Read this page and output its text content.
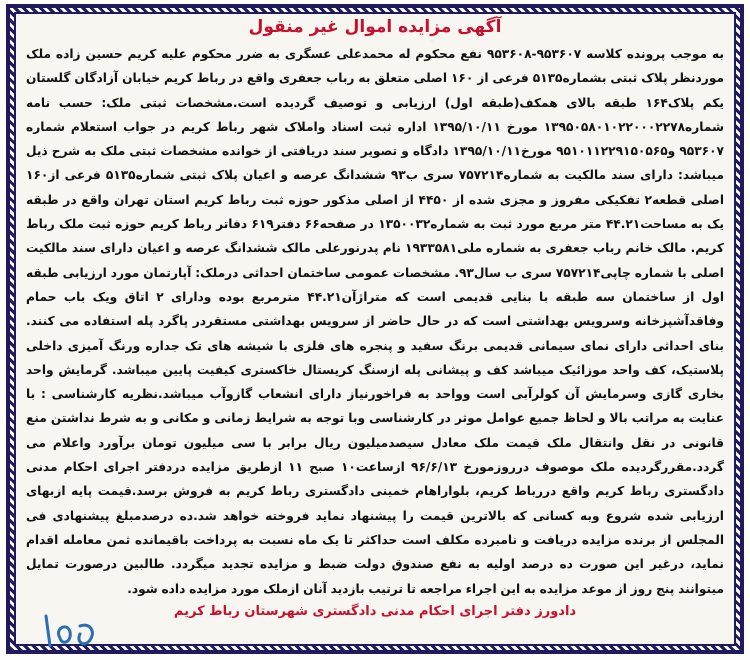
آگهی مزایده اموال غیر منقول

به موجب پرونده کلاسه ۹۵۳۶۰۷-۹۵۳۶۰۸ نفع محکوم له محمدعلی عسگری به ضرر محکوم علیه کریم حسین زاده ملک موردنظر پلاک ثبتی بشماره۵۱۳۵ فرعی از ۱۶۰ اصلی متعلق به رباب جعفری واقع در رباط کریم خیابان آزادگان گلستان یکم پلاک۱۶۴ طبقه بالای همکف(طبقه اول) ارزیابی و توصیف گردیده است.مشخصات ثبتی ملک: حسب نامه شماره۱۳۹۵۰۵۸۰۱۰۲۲۰۰۰۲۲۷۸ مورخ ۱۳۹۵/۱۰/۱۱ اداره ثبت اسناد واملاک شهر رباط کریم در جواب استعلام شماره ۹۵۳۶۰۷ و۹۵۱۰۱۱۲۲۹۱۵۰۵۶۵ مورخ۱۳۹۵/۱۰/۱۱ دادگاه و تصویر سند دریافتی از خوانده مشخصات ثبتی ملک به شرح ذیل میباشد: دارای سند مالکیت به شماره۷۵۷۲۱۴ سری ب۹۳ ششدانگ عرصه و اعیان پلاک ثبتی شماره۵۱۳۵ فرعی از۱۶۰ اصلی قطعه۲ تفکیکی مفروز و مجزی شده از ۴۴۵۰ از اصلی مذکور حوزه ثبت رباط کریم استان تهران واقع در طبقه یک به مساحت۴۴.۲۱ متر مربع مورد ثبت به شماره۱۳۵۰۰۳۲ در صفحه۶۶ دفتر۶۱۹ دفاتر رباط کریم حوزه ثبت ملک رباط کریم. مالک خانم رباب جعفری به شماره ملی۱۹۳۳۵۸۱ نام پدرنورعلی مالک ششدانگ عرصه و اعیان دارای سند مالکیت اصلی با شماره چاپی۷۵۷۲۱۴ سری ب سال۹۳. مشخصات عمومی ساختمان احداثی درملک: آپارتمان مورد ارزیابی طبقه اول از ساختمان سه طبقه با بنایی قدیمی است که متراژآن۴۴.۲۱ مترمربع بوده ودارای ۲ اتاق ویک باب حمام وفاقدآشپزخانه وسرویس بهداشتی است که در حال حاضر از سرویس بهداشتی مستقردر پاگرد پله استفاده می کنند. بنای احداثی دارای نمای سیمانی قدیمی برنگ سفید و پنجره های فلزی با شیشه های تک جداره ورنگ آمیزی داخلی پلاستیک، کف واحد موزائیک میباشد کف و پیشانی پله ازسنگ کریستال خاکستری کیفیت پایین میباشد. گرمایش واحد بخاری گازی وسرمایش آن کولرآبی است وواحد به فراخورنیاز دارای انشعاب گازوآب میباشد.نظریه کارشناسی : با عنایت به مراتب بالا و لحاظ جمیع عوامل موثر در کارشناسی وبا توجه به شرایط زمانی و مکانی و به شرط نداشتن منع قانونی در نقل وانتقال ملک قیمت ملک معادل سیصدمیلیون ریال برابر با سی میلیون تومان برآورد واعلام می گردد.مقررگردیده ملک موصوف درروزمورخ ۹۶/۶/۱۳ ازساعت۱۰ صبح ۱۱ ازطریق مزایده دردفتر اجرای احکام مدنی دادگستری رباط کریم واقع دررباط کریم، بلواراهام خمینی دادگستری رباط کریم به فروش برسد.قیمت پایه ازبهای ارزیابی شده شروع وبه کسانی که بالاترین قیمت را پیشنهاد نماید فروخته خواهد شد.ده درصدمبلغ پیشنهادی فی المجلس از برنده مزایده دریافت و نامبرده مکلف است حداکثر تا یک ماه نسبت به پرداخت باقیمانده ثمن معامله اقدام نماید، درغیر این صورت ده درصد اولیه به نفع صندوق دولت ضبط و مزایده تجدید میگردد. طالبین درصورت تمایل میتوانند پنج روز از موعد مزایده به این اجراء مراجعه تا ترتیب بازدید آنان ازملک مورد مزایده داده شود.

دادورز دفتر اجرای احکام مدنی دادگستری شهرستان رباط کریم
